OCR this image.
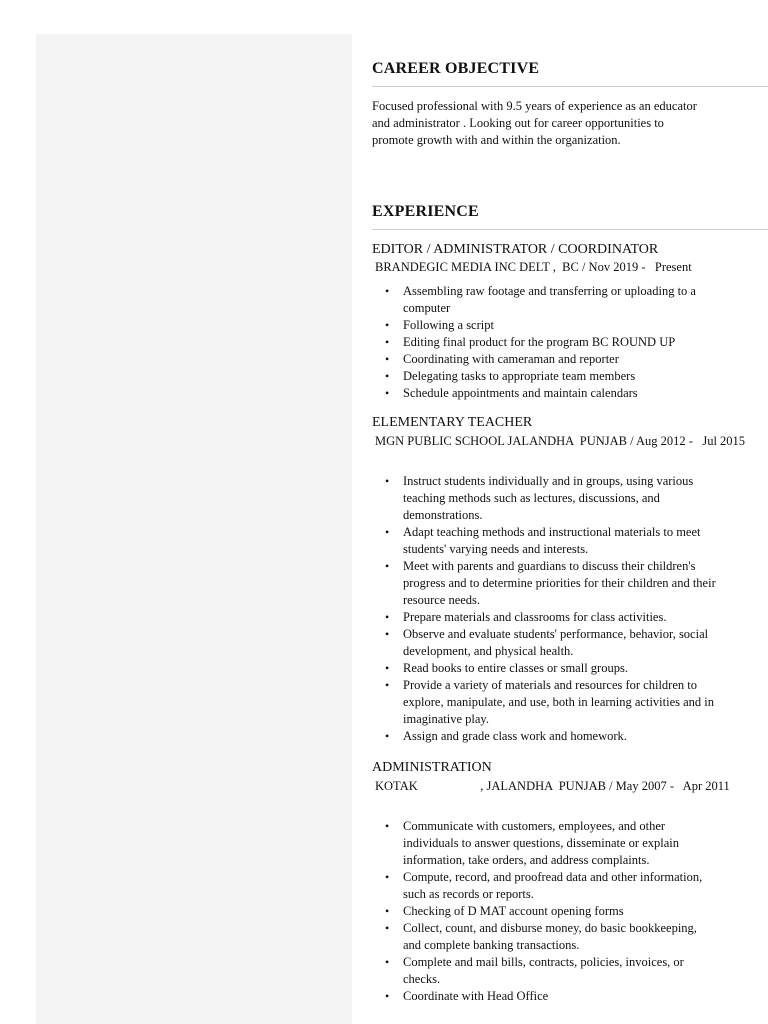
CAREER OBJECTIVE
Focused professional with 9.5 years of experience as an educator and administrator . Looking out for career opportunities to promote growth with and within the organization.
EXPERIENCE
EDITOR / ADMINISTRATOR / COORDINATOR
BRANDEGIC MEDIA INC DELT ,  BC / Nov 2019 -   Present
• Assembling raw footage and transferring or uploading to a computer
• Following a script
• Editing final product for the program BC ROUND UP
• Coordinating with cameraman and reporter
• Delegating tasks to appropriate team members
• Schedule appointments and maintain calendars
ELEMENTARY TEACHER
MGN PUBLIC SCHOOL JALANDHA  PUNJAB / Aug 2012 -   Jul 2015
• Instruct students individually and in groups, using various teaching methods such as lectures, discussions, and demonstrations.
• Adapt teaching methods and instructional materials to meet students' varying needs and interests.
• Meet with parents and guardians to discuss their children's progress and to determine priorities for their children and their resource needs.
• Prepare materials and classrooms for class activities.
• Observe and evaluate students' performance, behavior, social development, and physical health.
• Read books to entire classes or small groups.
• Provide a variety of materials and resources for children to explore, manipulate, and use, both in learning activities and in imaginative play.
• Assign and grade class work and homework.
ADMINISTRATION
KOTAK                    , JALANDHA  PUNJAB / May 2007 -   Apr 2011
• Communicate with customers, employees, and other individuals to answer questions, disseminate or explain information, take orders, and address complaints.
• Compute, record, and proofread data and other information, such as records or reports.
• Checking of D MAT account opening forms
• Collect, count, and disburse money, do basic bookkeeping, and complete banking transactions.
• Complete and mail bills, contracts, policies, invoices, or checks.
• Coordinate with Head Office
